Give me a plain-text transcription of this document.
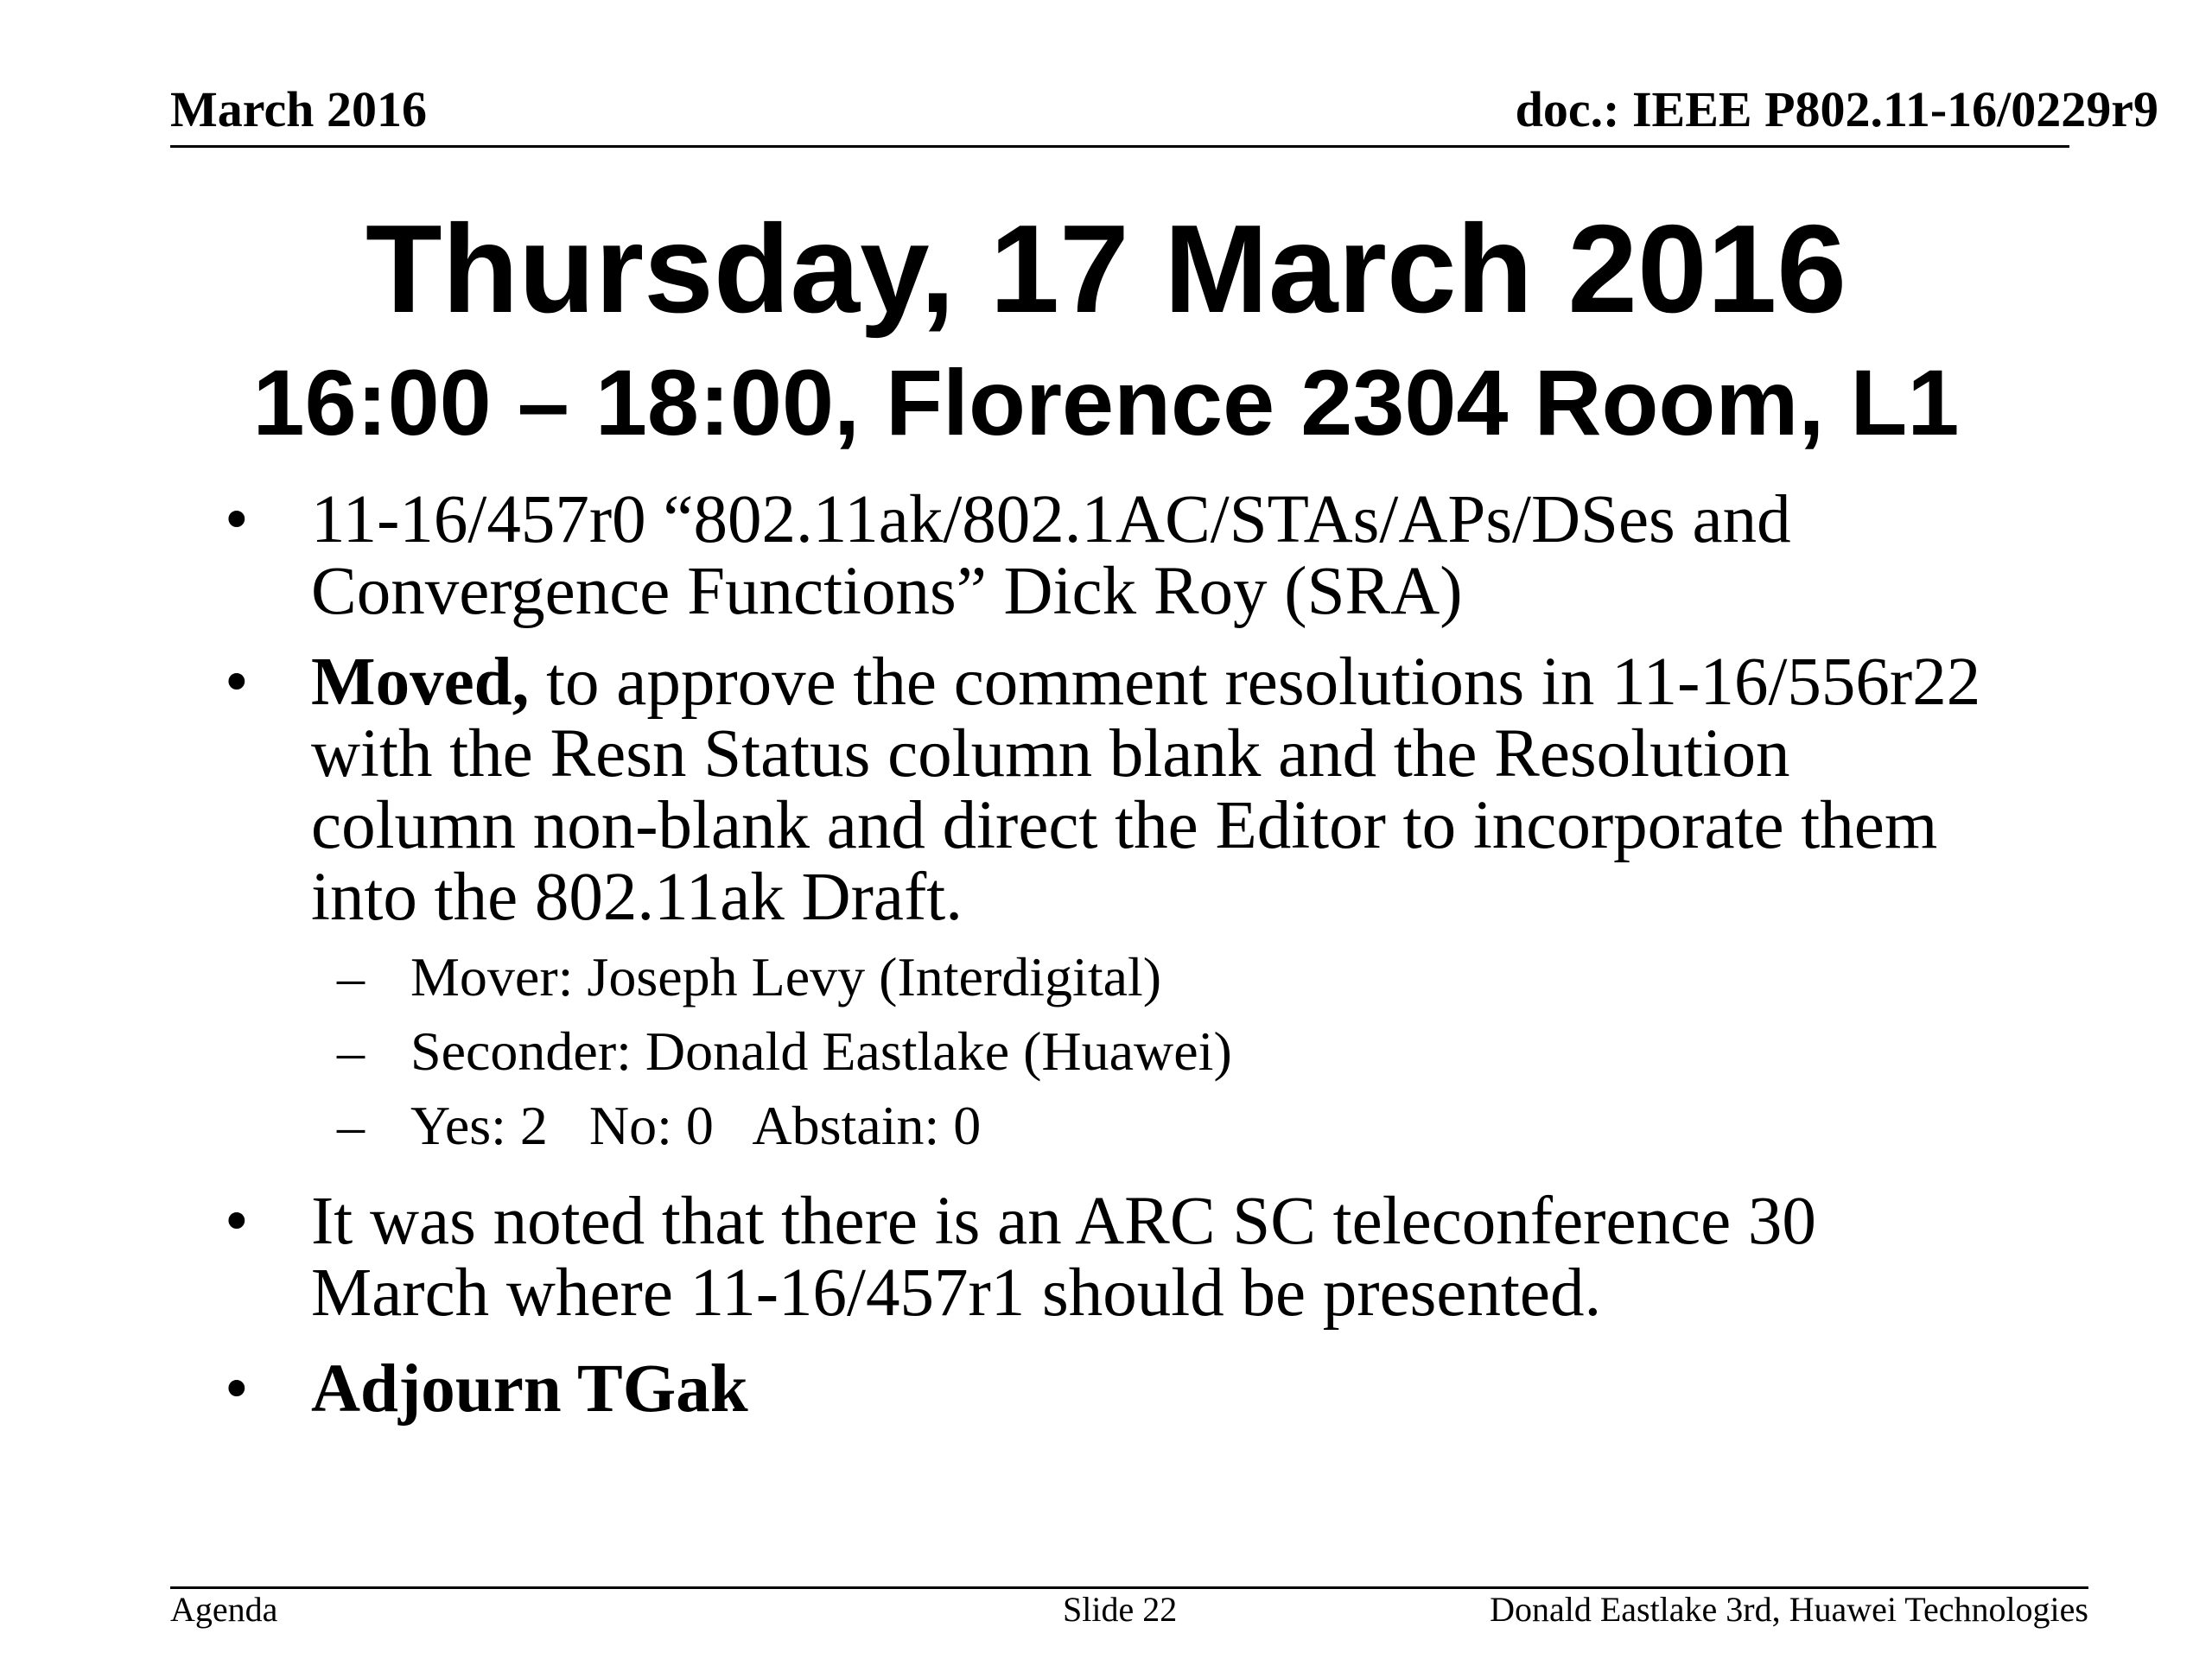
March 2016	doc.: IEEE P802.11-16/0229r9
Thursday, 17 March 2016
16:00 – 18:00, Florence 2304 Room, L1
• 11-16/457r0 “802.11ak/802.1AC/STAs/APs/DSes and Convergence Functions” Dick Roy (SRA)
• Moved, to approve the comment resolutions in 11-16/556r22 with the Resn Status column blank and the Resolution column non-blank and direct the Editor to incorporate them into the 802.11ak Draft.
– Mover: Joseph Levy (Interdigital)
– Seconder: Donald Eastlake (Huawei)
– Yes: 2   No: 0   Abstain: 0
• It was noted that there is an ARC SC teleconference 30 March where 11-16/457r1 should be presented.
• Adjourn TGak
Agenda	Slide 22	Donald Eastlake 3rd, Huawei Technologies
